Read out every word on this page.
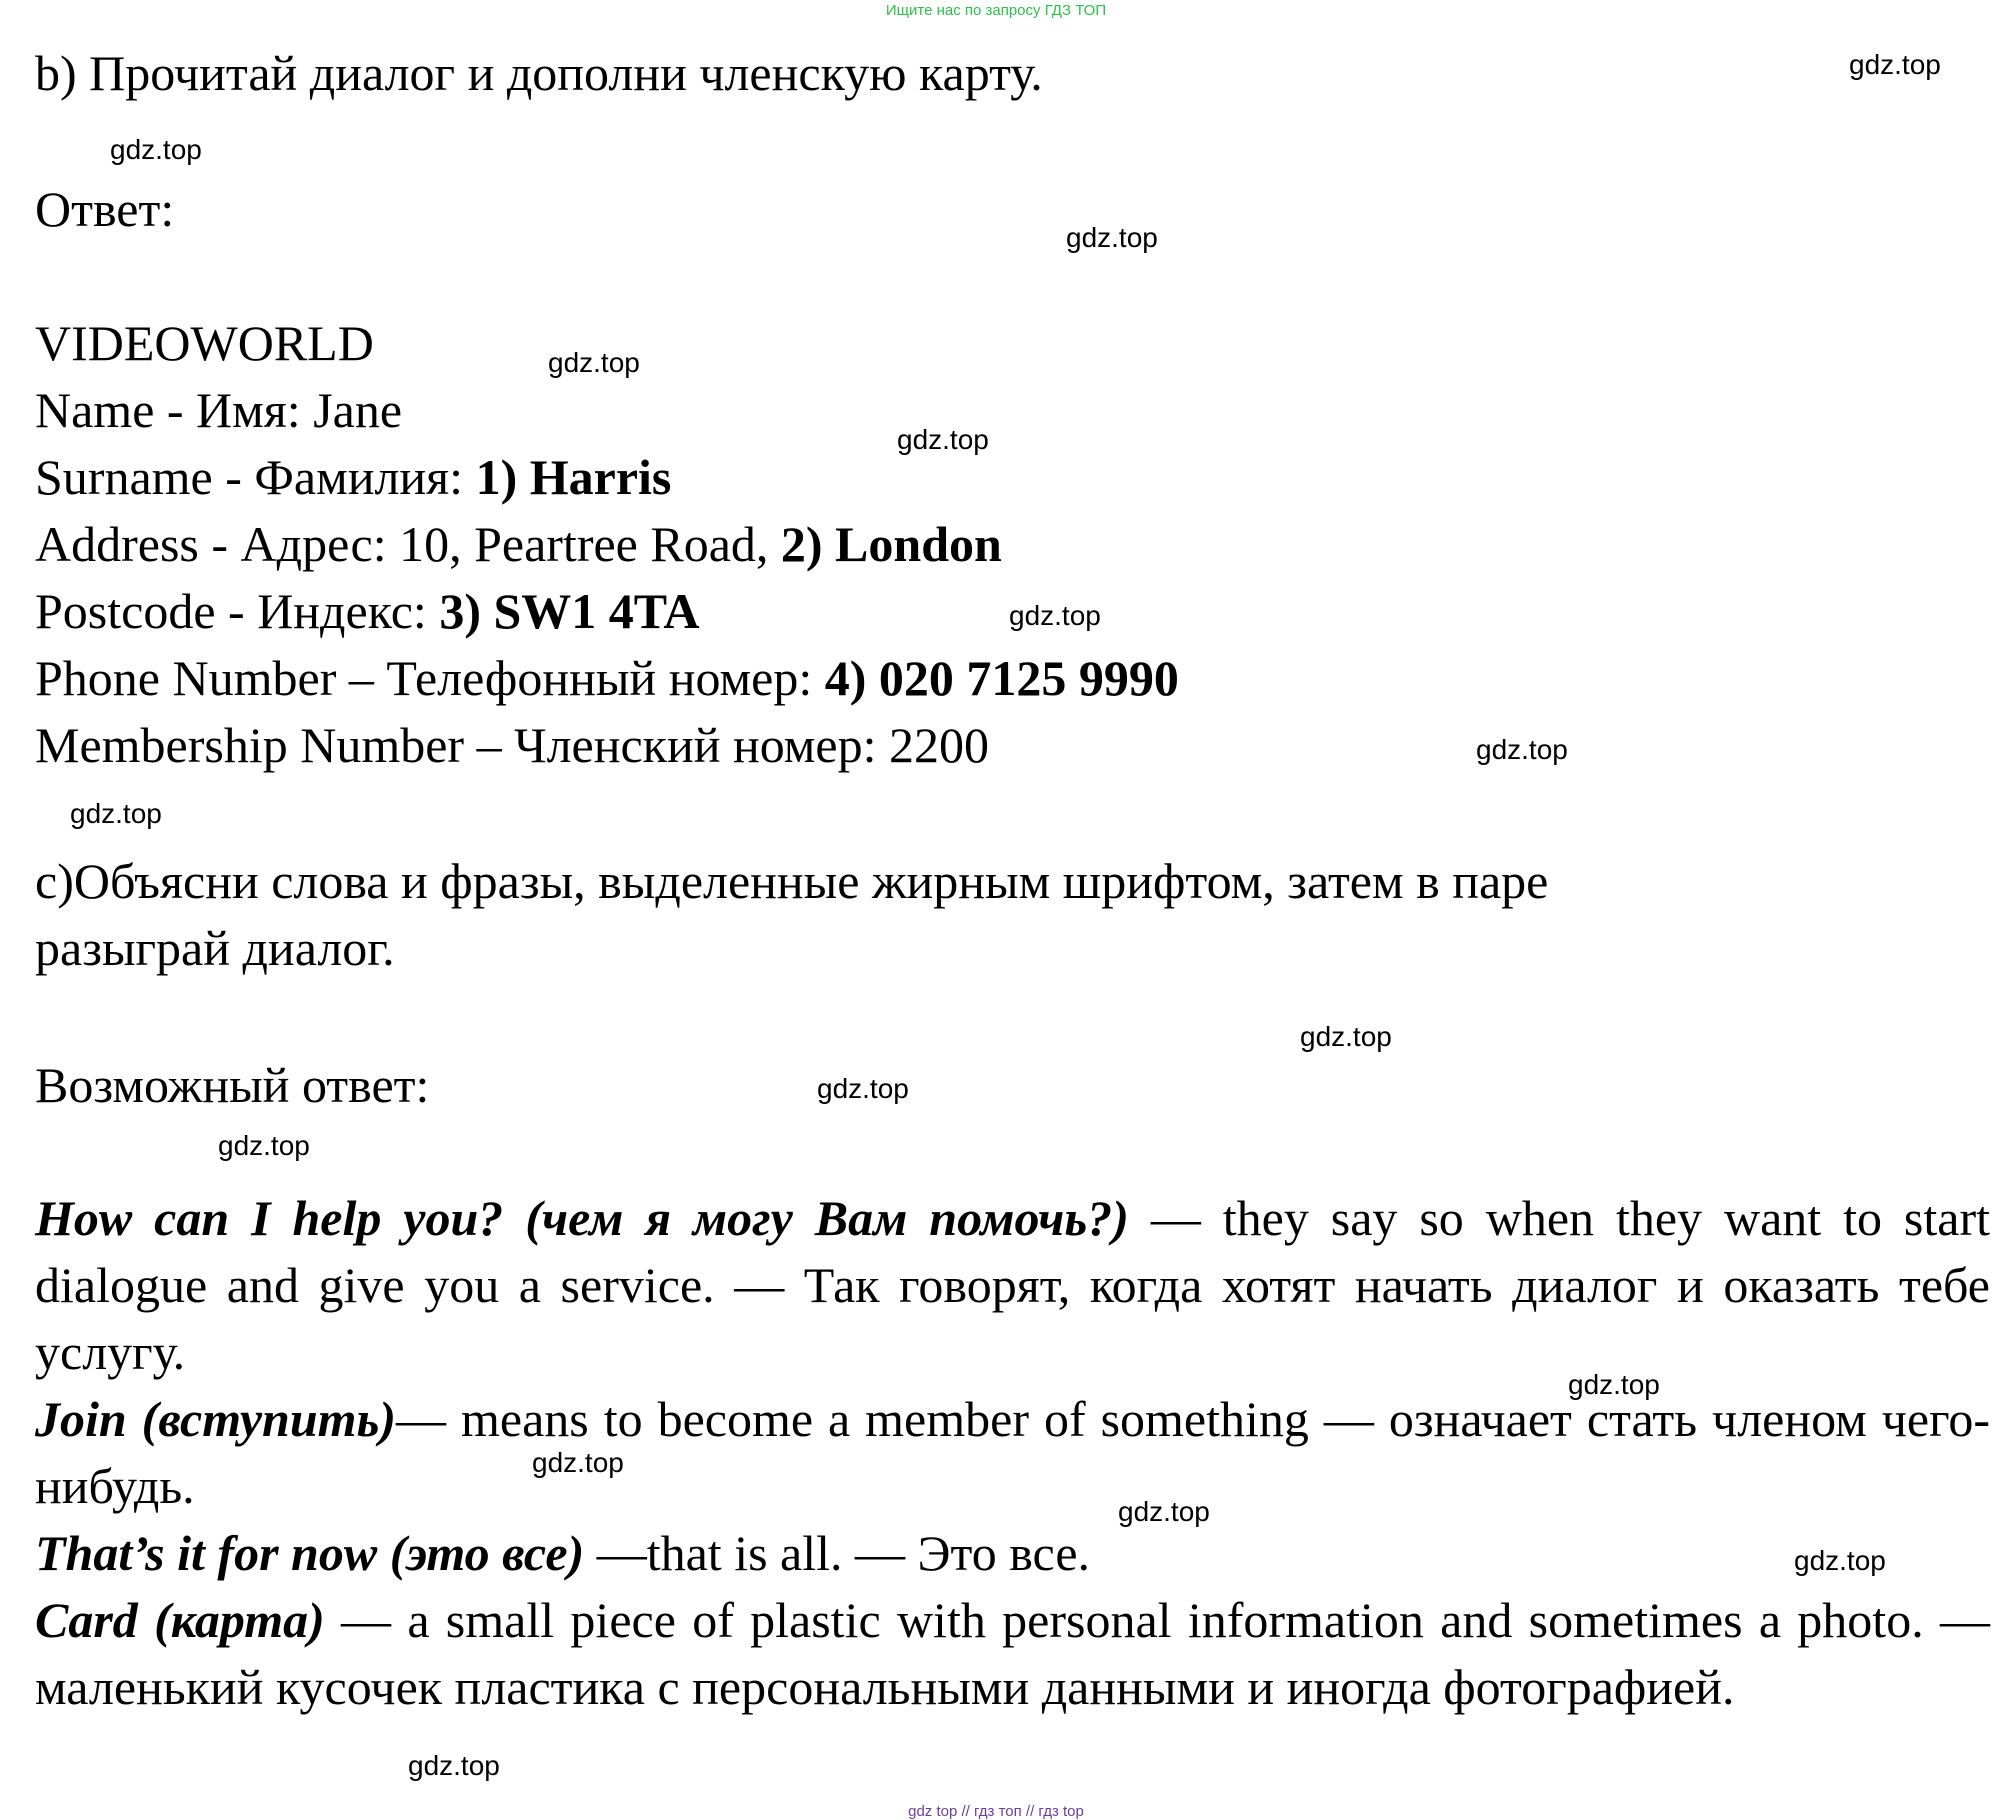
Ищите нас по запросу ГДЗ ТОП

b) Прочитай диалог и дополни членскую карту.

Ответ:

VIDEOWORLD

Name - Имя: Jane

Surname - Фамилия: 1) Harris

Address - Адрес: 10, Peartree Road, 2) London

Postcode - Индекс: 3) SW1 4TA

Phone Number – Телефонный номер: 4) 020 7125 9990

Membership Number – Членский номер: 2200

c)Объясни слова и фразы, выделенные жирным шрифтом, затем в паре

разыграй диалог.

Возможный ответ:

How can I help you? (чем я могу Вам помочь?) — they say so when they want to start dialogue and give you a service. — Так говорят, когда хотят начать диалог и оказать тебе услугу.

Join (вступить)— means to become a member of something — означает стать членом чего-нибудь.

That’s it for now (это все) —that is all. — Это все.

Card (карта) — a small piece of plastic with personal information and sometimes a photo. — маленький кусочек пластика с персональными данными и иногда фотографией.

gdz.top
gdz.top
gdz.top
gdz.top
gdz.top
gdz.top
gdz.top
gdz.top
gdz.top
gdz.top
gdz.top
gdz.top
gdz.top
gdz.top
gdz.top
gdz.top
gdz top // гдз топ // гдз top
